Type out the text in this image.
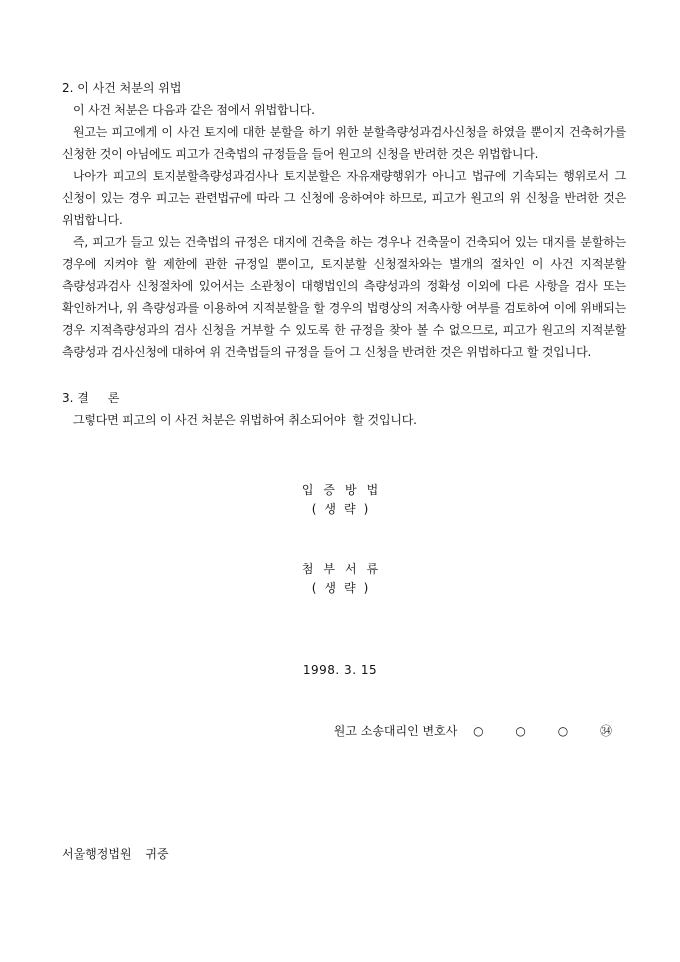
2. 이 사건 처분의 위법

이 사건 처분은 다음과 같은 점에서 위법합니다.

원고는 피고에게 이 사건 토지에 대한 분할을 하기 위한 분할측량성과검사신청을 하였을 뿐이지 건축허가를 신청한 것이 아님에도 피고가 건축법의 규정들을 들어 원고의 신청을 반려한 것은 위법합니다.

나아가 피고의 토지분할측량성과검사나 토지분할은 자유재량행위가 아니고 법규에 기속되는 행위로서 그 신청이 있는 경우 피고는 관련법규에 따라 그 신청에 응하여야 하므로, 피고가 원고의 위 신청을 반려한 것은 위법합니다.

즉, 피고가 들고 있는 건축법의 규정은 대지에 건축을 하는 경우나 건축물이 건축되어 있는 대지를 분할하는 경우에 지켜야 할 제한에 관한 규정일 뿐이고, 토지분할 신청절차와는 별개의 절차인 이 사건 지적분할 측량성과검사 신청절차에 있어서는 소관청이 대행법인의 측량성과의 정확성 이외에 다른 사항을 검사 또는 확인하거나, 위 측량성과를 이용하여 지적분할을 할 경우의 법령상의 저촉사항 여부를 검토하여 이에 위배되는 경우 지적측량성과의 검사 신청을 거부할 수 있도록 한 규정을 찾아 볼 수 없으므로, 피고가 원고의 지적분할 측량성과 검사신청에 대하여 위 건축법들의 규정을 들어 그 신청을 반려한 것은 위법하다고 할 것입니다.

3. 결     론

그렇다면 피고의 이 사건 처분은 위법하여 취소되어야  할 것입니다.

입증방법
(생략)
첨부서류
(생략)
1998. 3. 15
원고 소송대리인 변호사 ○ ○ ○ ㉞
서울행정법원 귀중
